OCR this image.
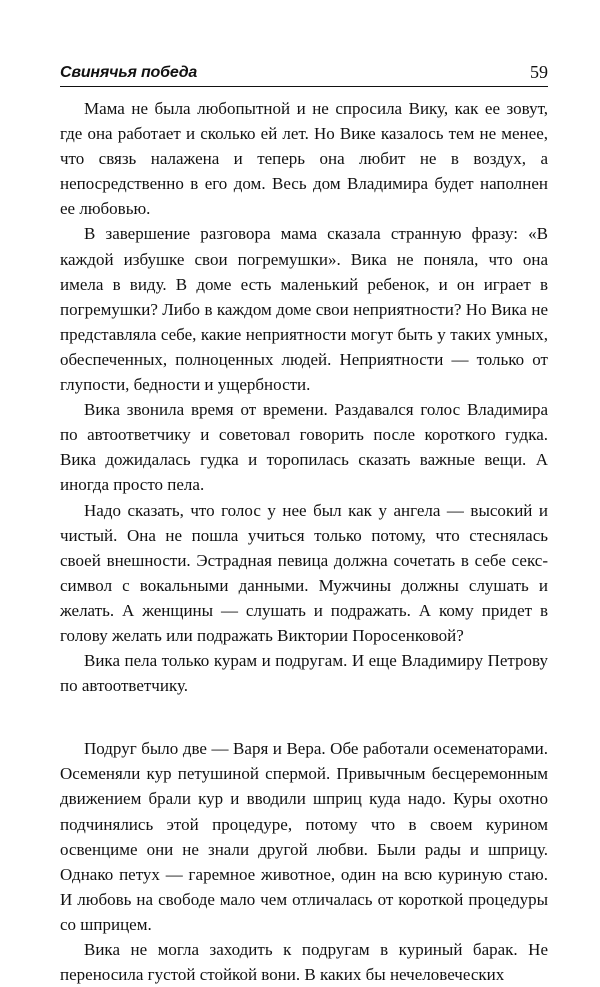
Свинячья победа	59

Мама не была любопытной и не спросила Вику, как ее зовут, где она работает и сколько ей лет. Но Вике казалось тем не менее, что связь налажена и теперь она любит не в воздух, а непосредственно в его дом. Весь дом Владимира будет наполнен ее любовью.

В завершение разговора мама сказала странную фразу: «В каждой избушке свои погремушки». Вика не поняла, что она имела в виду. В доме есть маленький ребенок, и он играет в погремушки? Либо в каждом доме свои неприятности? Но Вика не представляла себе, какие неприятности могут быть у таких умных, обеспеченных, полноценных людей. Неприятности — только от глупости, бедности и ущербности.

Вика звонила время от времени. Раздавался голос Владимира по автоответчику и советовал говорить после короткого гудка. Вика дожидалась гудка и торопилась сказать важные вещи. А иногда просто пела.

Надо сказать, что голос у нее был как у ангела — высокий и чистый. Она не пошла учиться только потому, что стеснялась своей внешности. Эстрадная певица должна сочетать в себе секс-символ с вокальными данными. Мужчины должны слушать и желать. А женщины — слушать и подражать. А кому придет в голову желать или подражать Виктории Поросенковой?

Вика пела только курам и подругам. И еще Владимиру Петрову по автоответчику.

Подруг было две — Варя и Вера. Обе работали осеменаторами. Осеменяли кур петушиной спермой. Привычным бесцеремонным движением брали кур и вводили шприц куда надо. Куры охотно подчинялись этой процедуре, потому что в своем курином освенциме они не знали другой любви. Были рады и шприцу. Однако петух — гаремное животное, один на всю куриную стаю. И любовь на свободе мало чем отличалась от короткой процедуры со шприцем.

Вика не могла заходить к подругам в куриный барак. Не переносила густой стойкой вони. В каких бы нечеловеческих
